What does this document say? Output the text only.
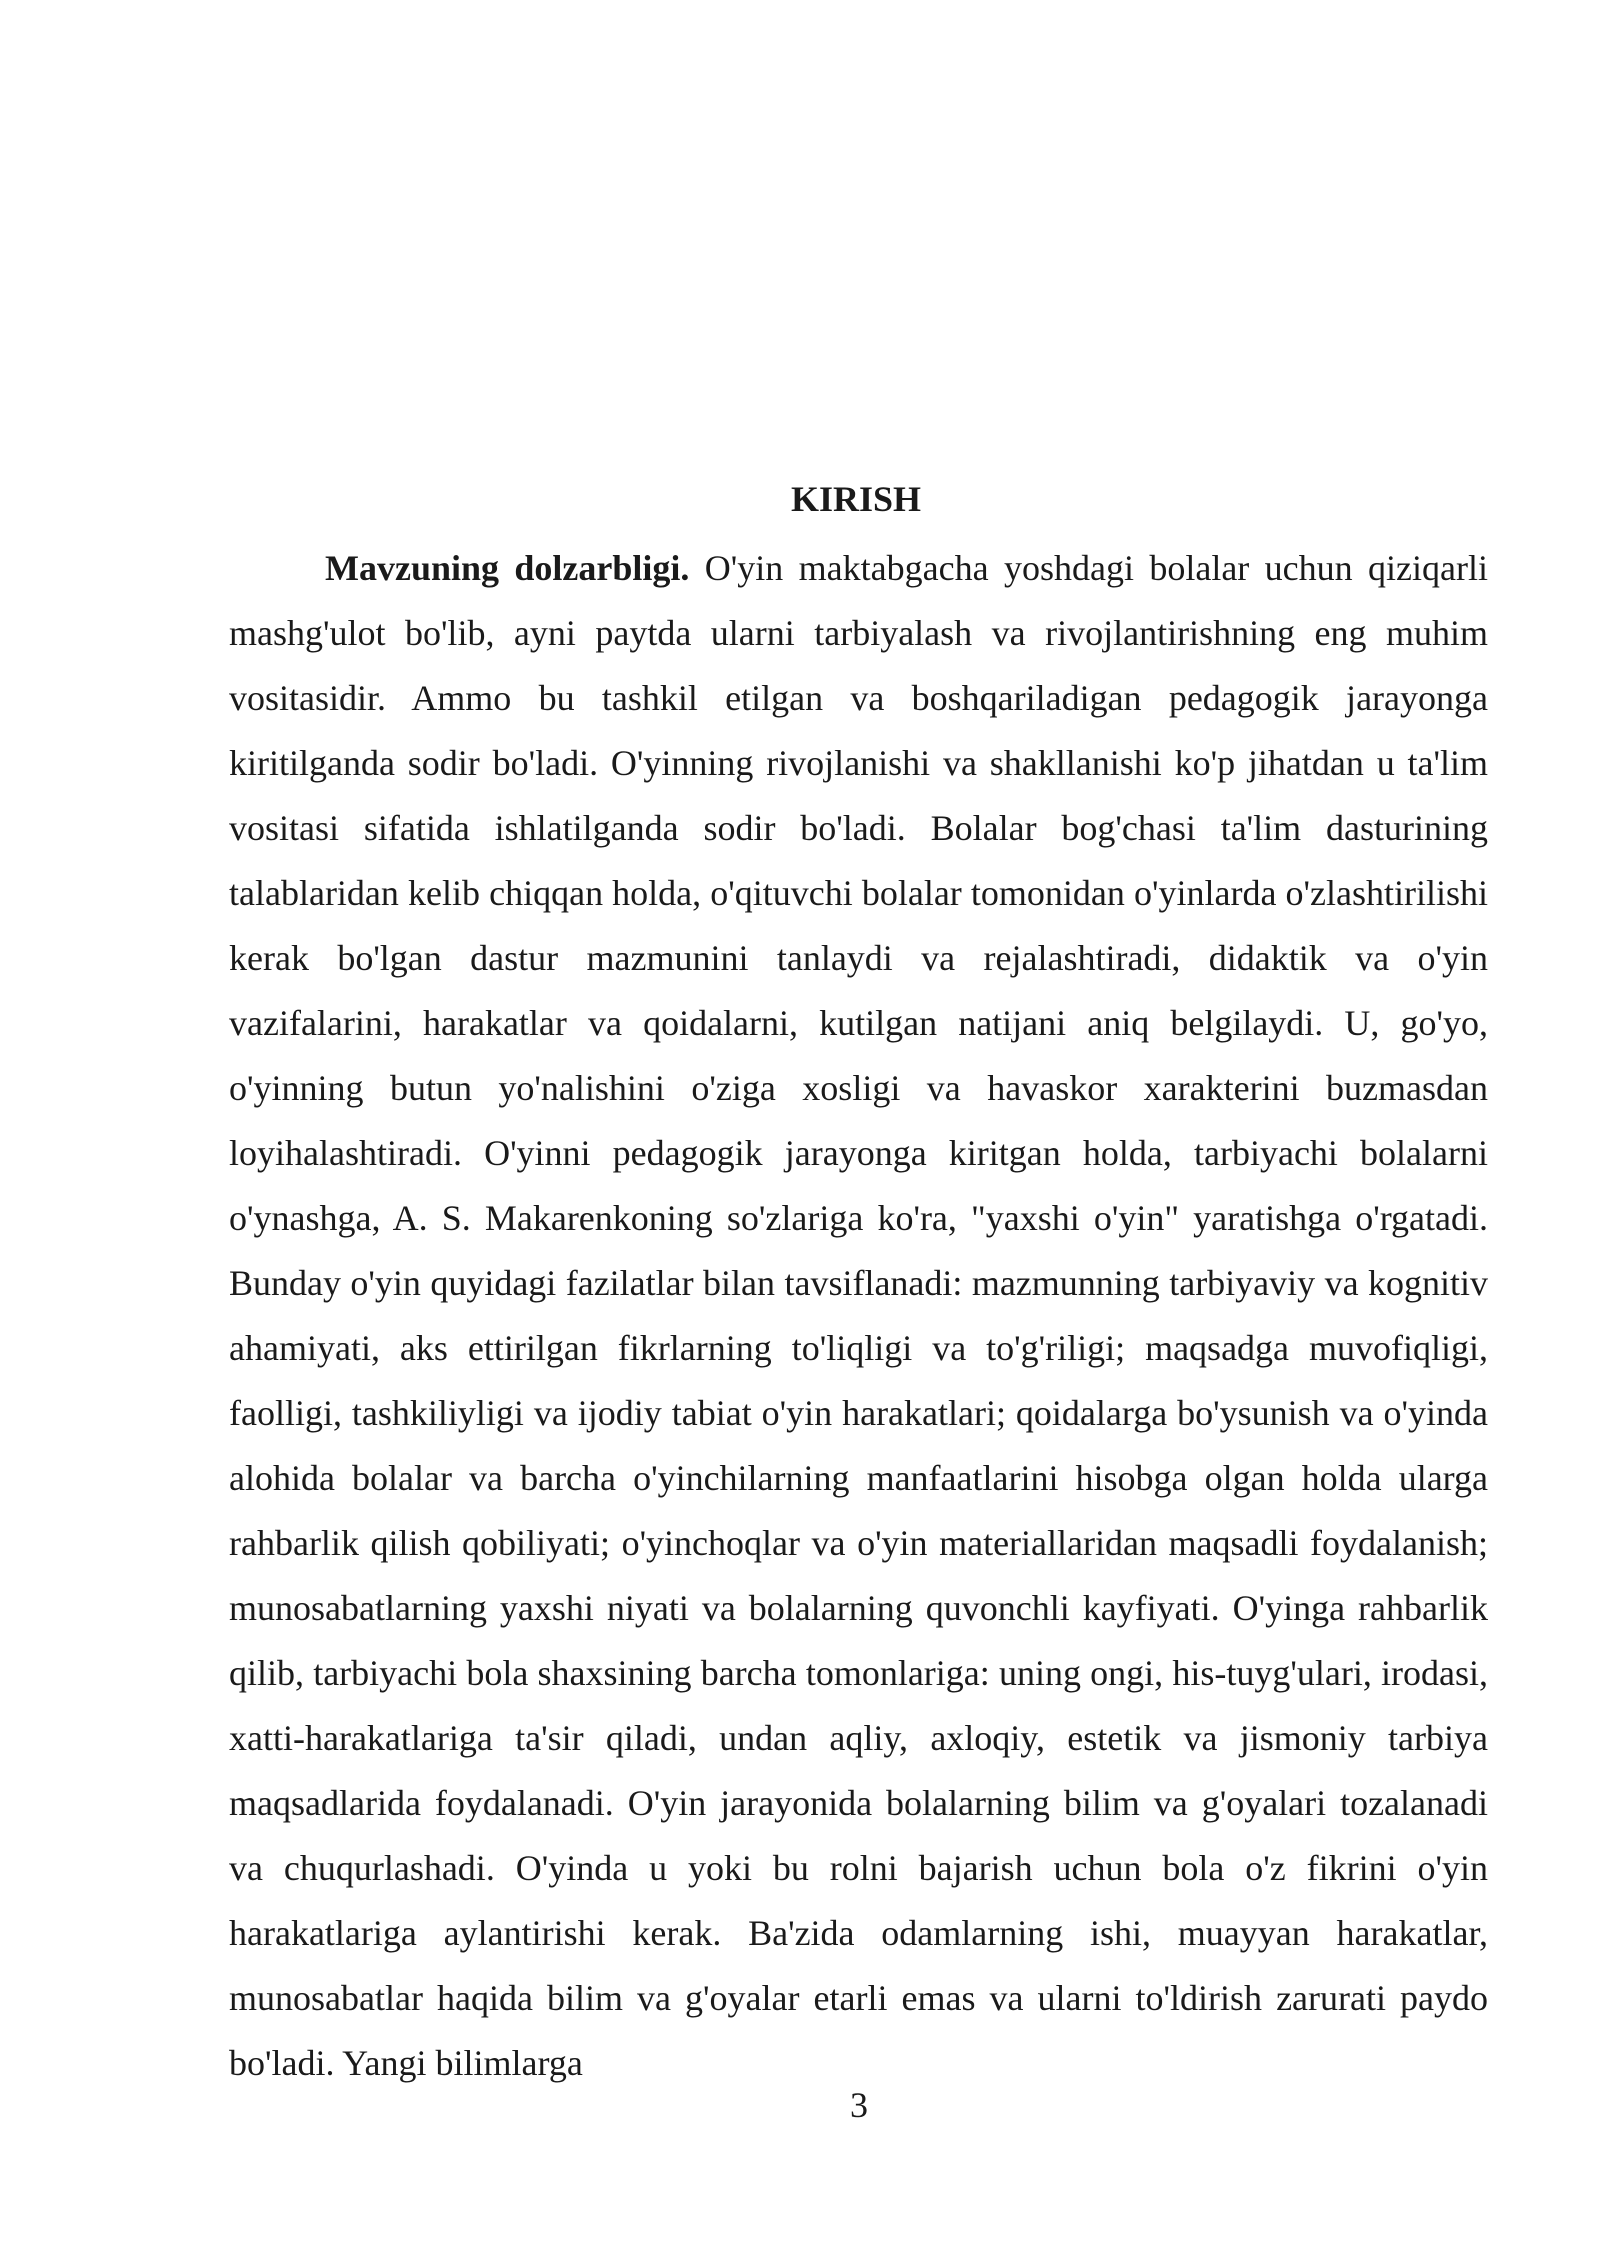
KIRISH

Mavzuning dolzarbligi. O'yin maktabgacha yoshdagi bolalar uchun qiziqarli mashg'ulot bo'lib, ayni paytda ularni tarbiyalash va rivojlantirishning eng muhim vositasidir. Ammo bu tashkil etilgan va boshqariladigan pedagogik jarayonga kiritilganda sodir bo'ladi. O'yinning rivojlanishi va shakllanishi ko'p jihatdan u ta'lim vositasi sifatida ishlatilganda sodir bo'ladi. Bolalar bog'chasi ta'lim dasturining talablaridan kelib chiqqan holda, o'qituvchi bolalar tomonidan o'yinlarda o'zlashtirilishi kerak bo'lgan dastur mazmunini tanlaydi va rejalashtiradi, didaktik va o'yin vazifalarini, harakatlar va qoidalarni, kutilgan natijani aniq belgilaydi. U, go'yo, o'yinning butun yo'nalishini o'ziga xosligi va havaskor xarakterini buzmasdan loyihalashtiradi. O'yinni pedagogik jarayonga kiritgan holda, tarbiyachi bolalarni o'ynashga, A. S. Makarenkoning so'zlariga ko'ra, "yaxshi o'yin" yaratishga o'rgatadi. Bunday o'yin quyidagi fazilatlar bilan tavsiflanadi: mazmunning tarbiyaviy va kognitiv ahamiyati, aks ettirilgan fikrlarning to'liqligi va to'g'riligi; maqsadga muvofiqligi, faolligi, tashkiliyligi va ijodiy tabiat o'yin harakatlari; qoidalarga bo'ysunish va o'yinda alohida bolalar va barcha o'yinchilarning manfaatlarini hisobga olgan holda ularga rahbarlik qilish qobiliyati; o'yinchoqlar va o'yin materiallaridan maqsadli foydalanish; munosabatlarning yaxshi niyati va bolalarning quvonchli kayfiyati. O'yinga rahbarlik qilib, tarbiyachi bola shaxsining barcha tomonlariga: uning ongi, his-tuyg'ulari, irodasi, xatti-harakatlariga ta'sir qiladi, undan aqliy, axloqiy, estetik va jismoniy tarbiya maqsadlarida foydalanadi. O'yin jarayonida bolalarning bilim va g'oyalari tozalanadi va chuqurlashadi. O'yinda u yoki bu rolni bajarish uchun bola o'z fikrini o'yin harakatlariga aylantirishi kerak. Ba'zida odamlarning ishi, muayyan harakatlar, munosabatlar haqida bilim va g'oyalar etarli emas va ularni to'ldirish zarurati paydo bo'ladi. Yangi bilimlarga

3
